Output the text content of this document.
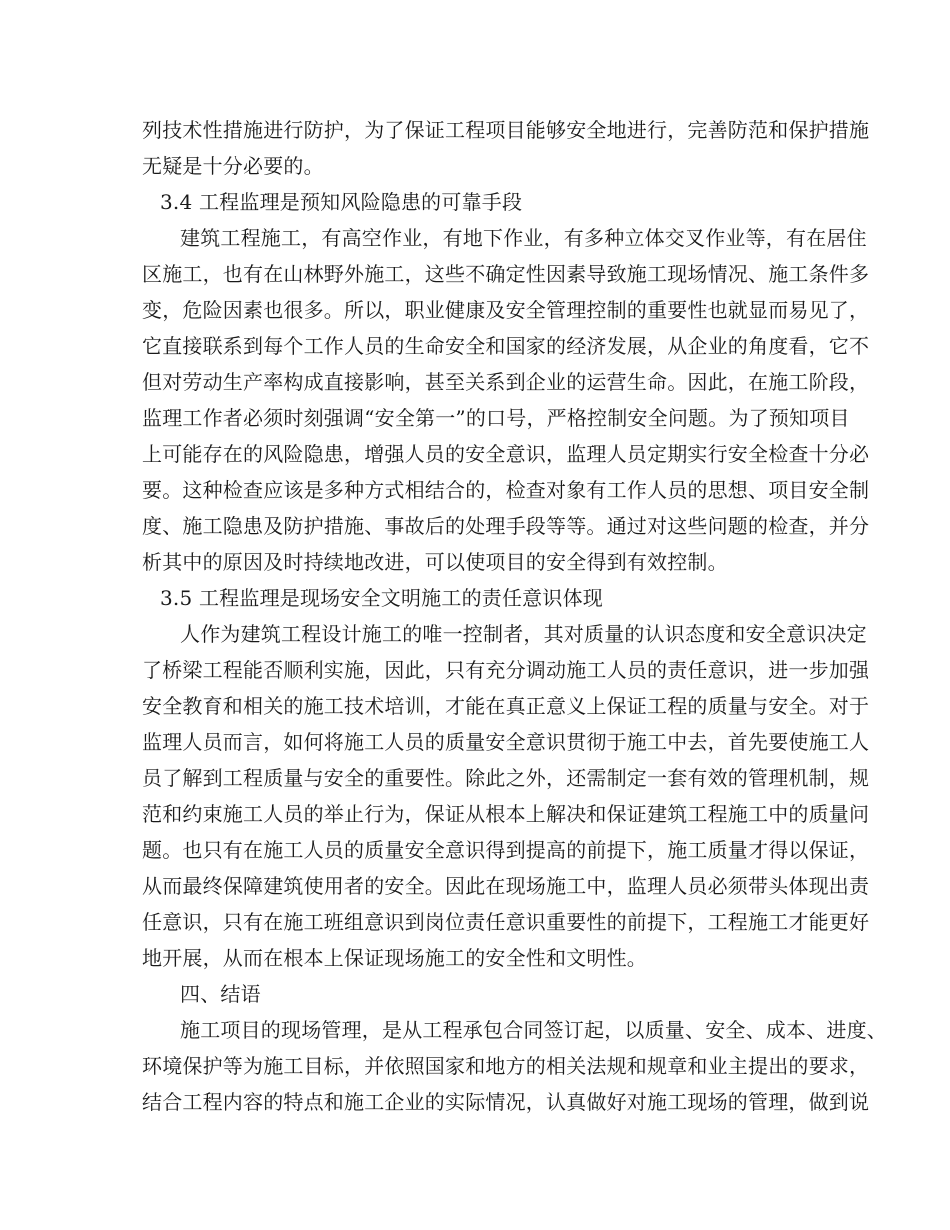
列技术性措施进行防护，为了保证工程项目能够安全地进行，完善防范和保护措施
无疑是十分必要的。
3.4 工程监理是预知风险隐患的可靠手段
建筑工程施工，有高空作业，有地下作业，有多种立体交叉作业等，有在居住
区施工，也有在山林野外施工，这些不确定性因素导致施工现场情况、施工条件多
变，危险因素也很多。所以，职业健康及安全管理控制的重要性也就显而易见了，
它直接联系到每个工作人员的生命安全和国家的经济发展，从企业的角度看，它不
但对劳动生产率构成直接影响，甚至关系到企业的运营生命。因此，在施工阶段，
监理工作者必须时刻强调“安全第一”的口号，严格控制安全问题。为了预知项目
上可能存在的风险隐患，增强人员的安全意识，监理人员定期实行安全检查十分必
要。这种检查应该是多种方式相结合的，检查对象有工作人员的思想、项目安全制
度、施工隐患及防护措施、事故后的处理手段等等。通过对这些问题的检查，并分
析其中的原因及时持续地改进，可以使项目的安全得到有效控制。
3.5 工程监理是现场安全文明施工的责任意识体现
人作为建筑工程设计施工的唯一控制者，其对质量的认识态度和安全意识决定
了桥梁工程能否顺利实施，因此，只有充分调动施工人员的责任意识，进一步加强
安全教育和相关的施工技术培训，才能在真正意义上保证工程的质量与安全。对于
监理人员而言，如何将施工人员的质量安全意识贯彻于施工中去，首先要使施工人
员了解到工程质量与安全的重要性。除此之外，还需制定一套有效的管理机制，规
范和约束施工人员的举止行为，保证从根本上解决和保证建筑工程施工中的质量问
题。也只有在施工人员的质量安全意识得到提高的前提下，施工质量才得以保证，
从而最终保障建筑使用者的安全。因此在现场施工中，监理人员必须带头体现出责
任意识，只有在施工班组意识到岗位责任意识重要性的前提下，工程施工才能更好
地开展，从而在根本上保证现场施工的安全性和文明性。
四、结语
施工项目的现场管理，是从工程承包合同签订起，以质量、安全、成本、进度、
环境保护等为施工目标，并依照国家和地方的相关法规和规章和业主提出的要求，
结合工程内容的特点和施工企业的实际情况，认真做好对施工现场的管理，做到说
